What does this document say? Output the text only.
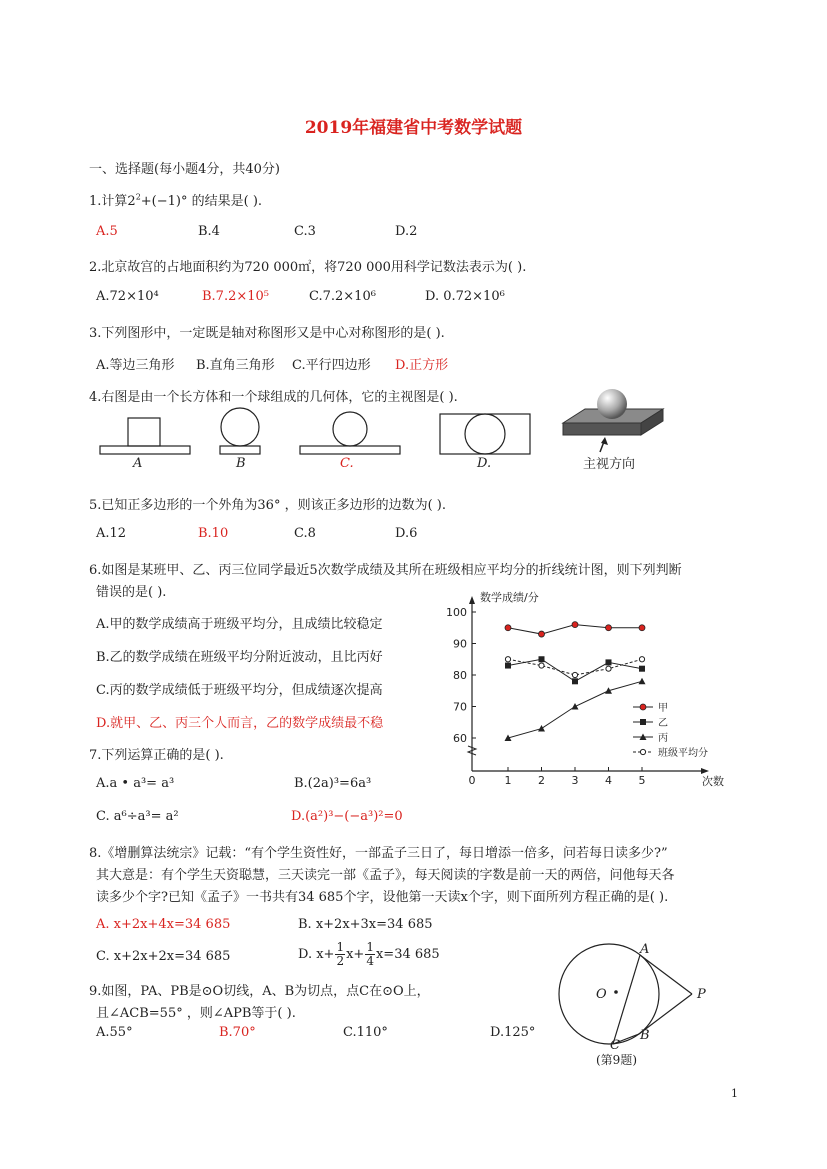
2019年福建省中考数学试题
一、选择题(每小题4分，共40分)
1.计算$2^2+(-1)^\circ$ 的结果是( ).
A.5	B.4	C.3	D.2
2.北京故宫的占地面积约为720 000㎡，将720 000用科学记数法表示为( ).
A.72×10⁴	B.7.2×10⁵	C.7.2×10⁶	D. 0.72×10⁶
3.下列图形中，一定既是轴对称图形又是中心对称图形的是( ).
A.等边三角形 B.直角三角形 C.平行四边形 D.正方形
4.右图是由一个长方体和一个球组成的几何体，它的主视图是( ).
A	B	C.	D.	主视方向
5.已知正多边形的一个外角为36° ，则该正多边形的边数为( ).
A.12	B.10	C.8	D.6
6.如图是某班甲、乙、丙三位同学最近5次数学成绩及其所在班级相应平均分的折线统计图，则下列判断
错误的是( ).
A.甲的数学成绩高于班级平均分，且成绩比较稳定
B.乙的数学成绩在班级平均分附近波动，且比丙好
C.丙的数学成绩低于班级平均分，但成绩逐次提高
D.就甲、乙、丙三个人而言，乙的数学成绩最不稳
60
70
80
90
100
1 2 3 4 5
0
数学成绩/分
次数
甲
乙
丙
班级平均分
7.下列运算正确的是( ).
A.a • a³= a³	B.(2a)³=6a³
C. a⁶÷a³= a²	D.(a²)³−(−a³)²=0
8.《增删算法统宗》记载：“有个学生资性好，一部孟子三日了，每日增添一倍多，问若每日读多少?”
其大意是：有个学生天资聪慧，三天读完一部《孟子》，每天阅读的字数是前一天的两倍，问他每天各
读多少个字?已知《孟子》一书共有34 685个字，设他第一天读x个字，则下面所列方程正确的是( ).
A. x+2x+4x=34 685	B. x+2x+3x=34 685
C. x+2x+2x=34 685	D. $x+ \frac{1}{2} x+ \frac{1}{4} x=34$ 685
9.如图，PA、PB是⊙O切线，A、B为切点，点C在⊙O上，
且∠ACB=55° ，则∠APB等于( ).
A.55°	B.70°	C.110°	D.125°
O
A
P
B
C
(第9题)
1
